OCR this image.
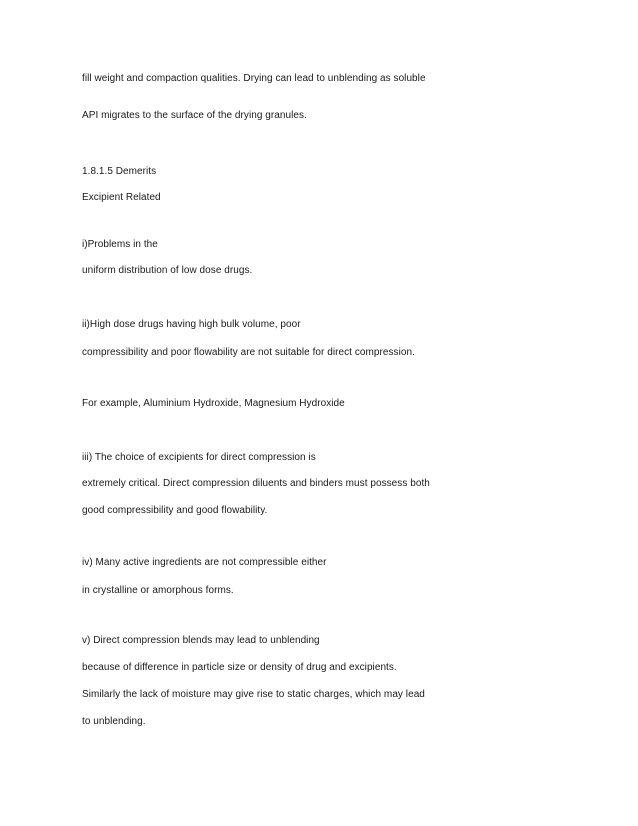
fill weight and compaction qualities. Drying can lead to unblending as soluble
API migrates to the surface of the drying granules.
1.8.1.5 Demerits
Excipient Related
i)Problems in the
uniform distribution of low dose drugs.
ii)High dose drugs having high bulk volume, poor
compressibility and poor flowability are not suitable for direct compression.
For example, Aluminium Hydroxide, Magnesium Hydroxide
iii) The choice of excipients for direct compression is
extremely critical. Direct compression diluents and binders must possess both
good compressibility and good flowability.
iv) Many active ingredients are not compressible either
in crystalline or amorphous forms.
v) Direct compression blends may lead to unblending
because of difference in particle size or density of drug and excipients.
Similarly the lack of moisture may give rise to static charges, which may lead
to unblending.
